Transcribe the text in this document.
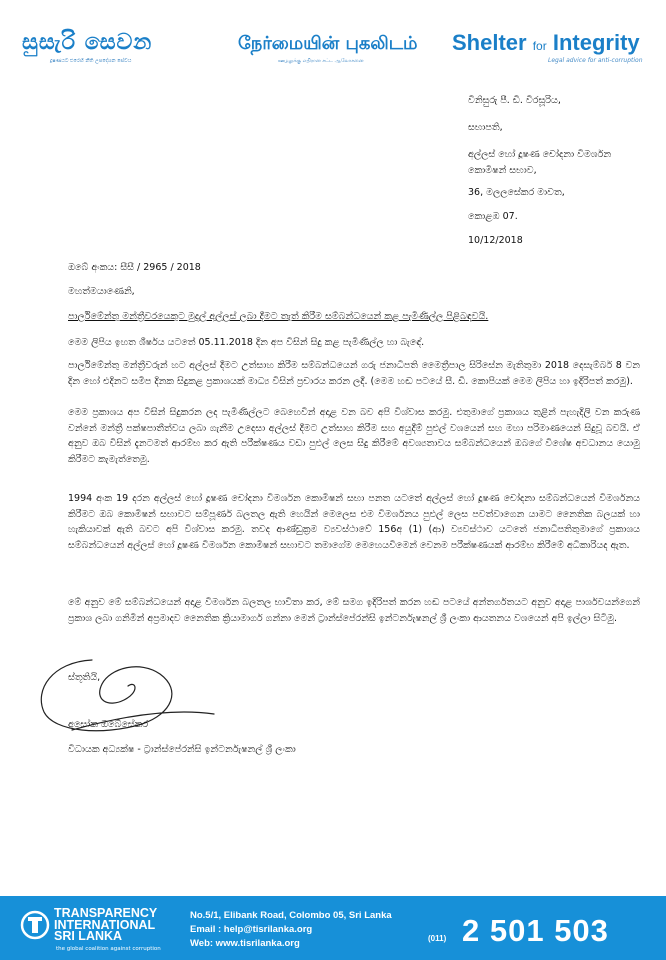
සුසැරි සෙවන
දූෂණයට එරෙහි නීති උපදේශන සේවය
நேர்மையின் புகலிடம்
ஊழலுக்கு எதிரான சட்ட ஆலோசனை
Shelter for Integrity
Legal advice for anti-corruption
විනිසුරු පී. ඩී. වීරසූරිය,
සභාපති,
අල්ලස් හෝ දූෂණ චෝදනා විමර්ශන
කොමිෂන් සභාව,
36, මලලසේකර මාවත,
කොළඹ 07.
10/12/2018
ඔබේ අංකය: සීසී / 2965 / 2018
මහත්මයාණෙනි,
පාර්ලිමේන්තු මන්ත්‍රීවරයෙකුට මුදල් අල්ලස් ලබා දීමට තැත් කිරීම සම්බන්ධයෙන් කළ පැමිණිල්ල පිළිබඳවයි.

මෙම ලිපිය ඉහත ශීර්ෂය යටතේ 05.11.2018 දින අප විසින් සිදු කළ පැමිණිල්ල හා බැඳේ.

පාර්ලිමේන්තු මන්ත්‍රීවරුන් හට අල්ලස් දීමට උත්සාහ කිරීම සම්බන්ධයෙන් ගරු ජනාධිපති මෛත්‍රීපාල සිරිසේන මැතිතුමා 2018 දෙසැම්බර් 8 වන දින හෝ එදිනට සමීප දිනක සිදුකළ ප්‍රකාශයක් මාධ්‍ය විසින් ප්‍රචාරය කරන ලදී. (මෙම හඬ පටයේ සී. ඩී. කොපියක් මෙම ලිපිය හා ඉදිරිපත් කරමු).

මෙම ප්‍රකාශය අප විසින් සිදුකරන ලද පැමිණිල්ලට බෙහෙවින් අදාළ වන බව අපි විශ්වාස කරමු. එතුමාගේ ප්‍රකාශය තුළින් පැහැදිලි වන කරුණ වන්නේ මන්ත්‍රී පක්ෂපාතීත්වය ලබා ගැනීම උදෙසා අල්ලස් දීමට උත්සාහ කිරීම සහ අයුදීම් පුළුල් වශයෙන් සහ මහා පරිමාණයෙන් සිදුවූ බවයි. ඒ අනුව ඔබ විසින් දැනටමත් ආරම්භ කර ඇති පරීක්ෂණය වඩා පුළුල් ලෙස සිදු කිරීමේ අවශ්‍යතාවය සම්බන්ධයෙන් ඔබගේ විශේෂ අවධානය යොමු කිරීමට කැමැත්තෙමු.

1994 අංක 19 දරන අල්ලස් හෝ දූෂණ චෝදනා විමර්ශන කොමිෂන් සභා පනත යටතේ අල්ලස් හෝ දූෂණ චෝදනා සම්බන්ධයෙන් විමර්ශනය කිරීමට ඔබ කොමිෂන් සභාවට සම්පූර්ණ බලතල ඇති හෙයින් මෙලෙස එම විමර්ශනය පුළුල් ලෙස පවත්වාගෙන යාමට නෛතික බලයක් හා හැකියාවක් ඇති බවට අපි විශ්වාස කරමු. තවද ආණ්ඩුක්‍රම ව්‍යවස්ථාවේ 156අ (1) (ආ) ව්‍යවස්ථාව යටතේ ජනාධිපතිතුමාගේ ප්‍රකාශය සම්බන්ධයෙන් අල්ලස් හෝ දූෂණ විමර්ශන කොමිෂන් සභාවට තමාගේම මෙහෙයවීමෙන් වෙනම පරීක්ෂණයක් ආරම්භ කිරීමේ අධිකාරියද ඇත.

මේ අනුව මේ සම්බන්ධයෙන් අදාළ විමර්ශන බලතල භාවිතා කර, මේ සමග ඉදිරිපත් කරන හඬ පටයේ අන්තර්ගතයට අනුව අදාළ පාර්ශවයන්ගෙන් ප්‍රකාශ ලබා ගනිමින් අප්‍රමාදව නෛතික ක්‍රියාමාර්ග ගන්නා මෙන් ට්‍රාන්ස්පේරන්සි ඉන්ටර්නැෂනල් ශ්‍රී ලංකා ආයතනය වශයෙන් අපි ඉල්ලා සිටිමු.

ස්තූතියි,
අසෝක ඔබේසේකර
විධායක අධ්‍යක්ෂ - ට්‍රාන්ස්පේරන්සි ඉන්ටර්නැෂනල් ශ්‍රී ලංකා
TRANSPARENCY
INTERNATIONAL
SRI LANKA
the global coalition against corruption
No.5/1, Elibank Road, Colombo 05, Sri Lanka
Email : help@tisrilanka.org
Web: www.tisrilanka.org	(011) 2 501 503
